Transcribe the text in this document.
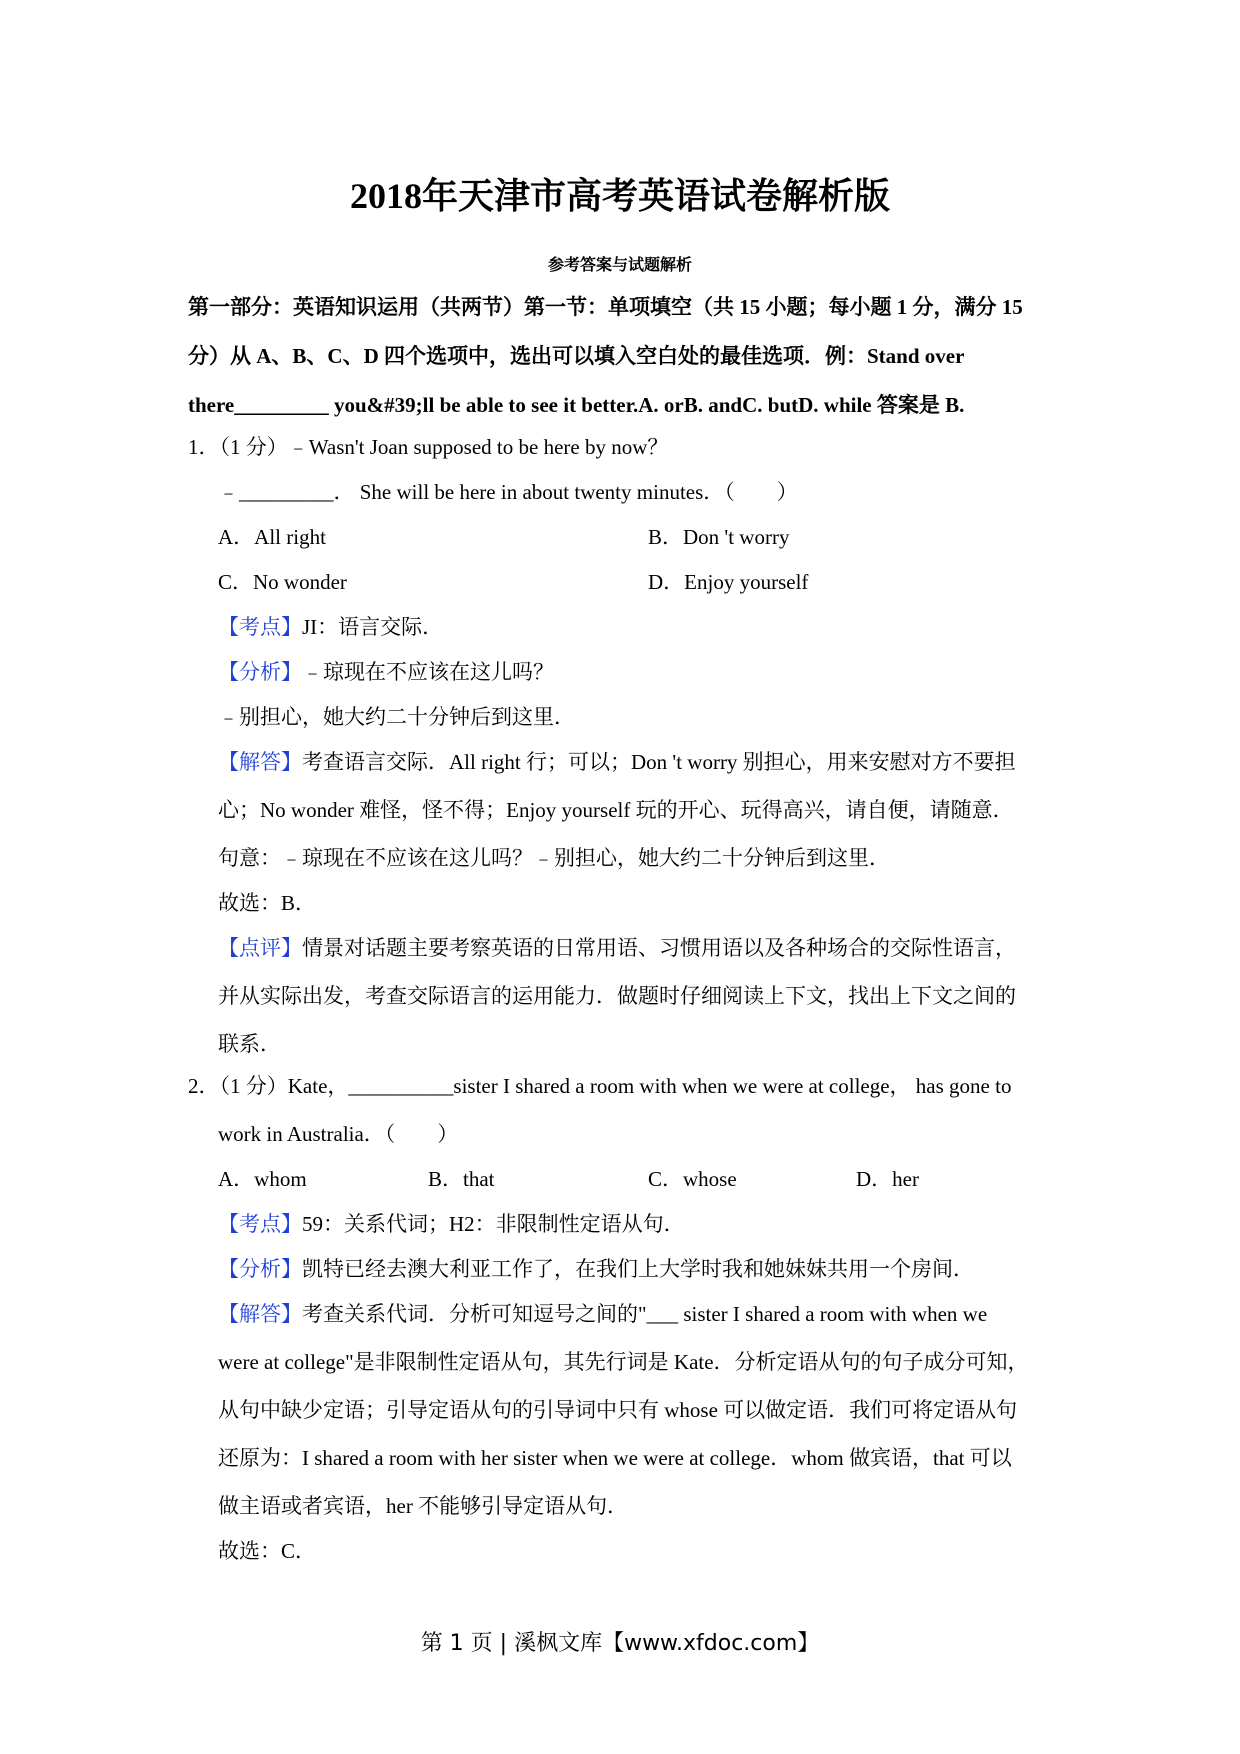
2018年天津市高考英语试卷解析版
参考答案与试题解析
第一部分：英语知识运用（共两节）第一节：单项填空（共 15 小题；每小题 1 分，满分 15 分）从 A、B、C、D 四个选项中，选出可以填入空白处的最佳选项．例：Stand over there_________ you&#39;ll be able to see it better.A. orB. andC. butD. while 答案是 B.
1．（1 分）﹣Wasn't Joan supposed to be here by now？
﹣_________． She will be here in about twenty minutes．（　　）
A．All right	B．Don 't worry
C．No wonder	D．Enjoy yourself
【考点】JI：语言交际．
【分析】﹣琼现在不应该在这儿吗？
﹣别担心，她大约二十分钟后到这里．
【解答】考查语言交际．All right 行；可以；Don 't worry 别担心，用来安慰对方不要担
心；No wonder 难怪，怪不得；Enjoy yourself 玩的开心、玩得高兴，请自便，请随意．
句意：﹣琼现在不应该在这儿吗？﹣别担心，她大约二十分钟后到这里．
故选：B．
【点评】情景对话题主要考察英语的日常用语、习惯用语以及各种场合的交际性语言，
并从实际出发，考查交际语言的运用能力．做题时仔细阅读上下文，找出上下文之间的
联系．
2．（1 分）Kate，__________sister I shared a room with when we were at college， has gone to
work in Australia．（　　）
A．whom	B．that	C．whose	D．her
【考点】59：关系代词；H2：非限制性定语从句．
【分析】凯特已经去澳大利亚工作了，在我们上大学时我和她妹妹共用一个房间．
【解答】考查关系代词．分析可知逗号之间的"___ sister I shared a room with when we
were at college"是非限制性定语从句，其先行词是 Kate．分析定语从句的句子成分可知，
从句中缺少定语；引导定语从句的引导词中只有 whose 可以做定语．我们可将定语从句
还原为：I shared a room with her sister when we were at college．whom 做宾语，that 可以
做主语或者宾语，her 不能够引导定语从句．
故选：C．
第 1 页 | 溪枫文库【www.xfdoc.com】
